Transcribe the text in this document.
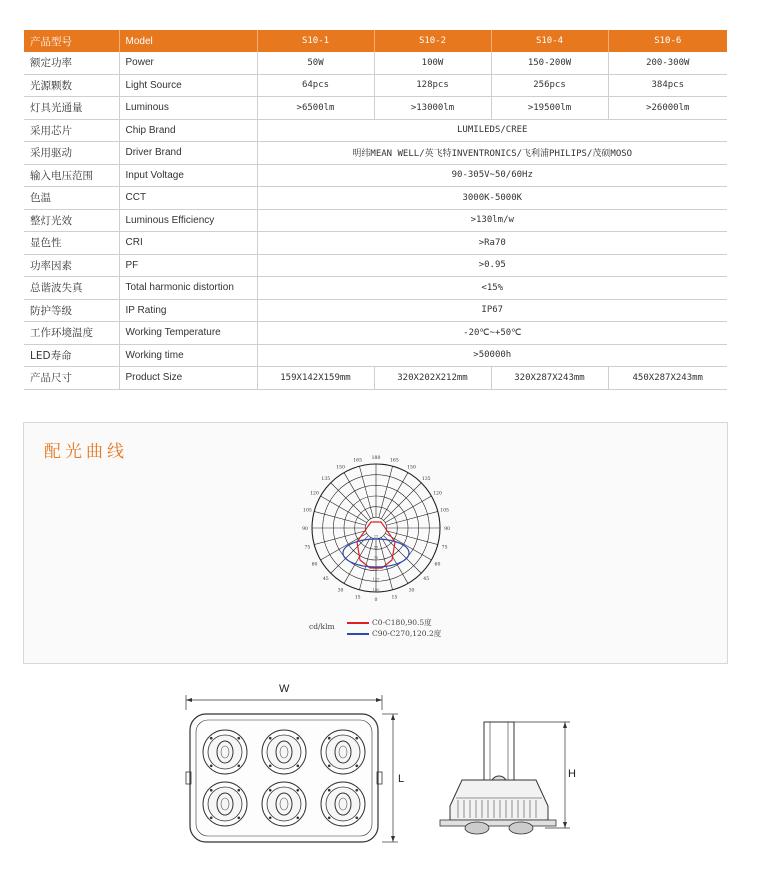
产品型号	Model	S10-1	S10-2	S10-4	S10-6
额定功率	Power	50W	100W	150-200W	200-300W
光源颗数	Light Source	64pcs	128pcs	256pcs	384pcs
灯具光通量	Luminous	>6500lm	>13000lm	>19500lm	>26000lm
采用芯片	Chip Brand	LUMILEDS/CREE			
采用驱动	Driver Brand	明纬MEAN WELL/英飞特INVENTRONICS/飞利浦PHILIPS/茂硕MOSO			
输入电压范围	Input Voltage	90-305V~50/60Hz			
色温	CCT	3000K-5000K			
整灯光效	Luminous Efficiency	>130lm/w			
显色性	CRI	>Ra70			
功率因素	PF	>0.95			
总谐波失真	Total harmonic distortion	<15%			
防护等级	IP Rating	IP67			
工作环境温度	Working Temperature	-20℃~+50℃			
LED寿命	Working time	>50000h			
产品尺寸	Product Size	159X142X159mm	320X202X212mm	320X287X243mm	450X287X243mm
配光曲线
0	15
15
30
30
45
45
60
60
75
75
90
90
105
105
120
120
135
135
150
150
165
165 180
25
50
75
100
125
150
cd/klm	C0-C180,90.5度
C90-C270,120.2度
W
L	H
